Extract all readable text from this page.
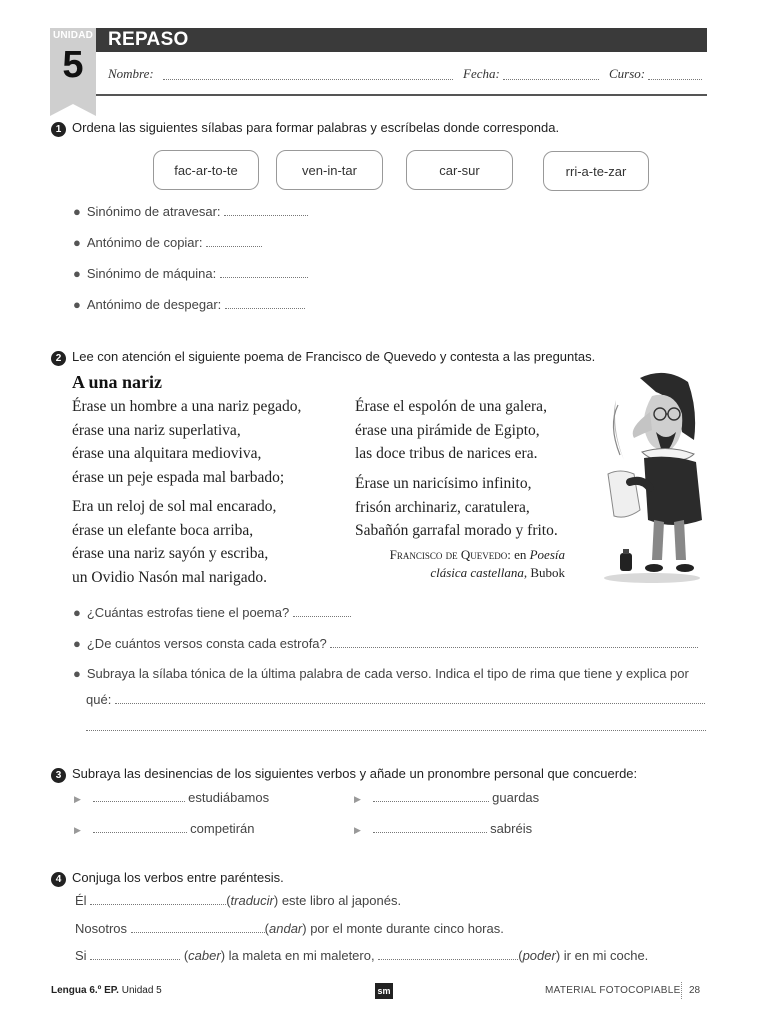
UNIDAD
5
REPASO
Nombre:	Fecha:	Curso:
1 Ordena las siguientes sílabas para formar palabras y escríbelas donde corresponda.
fac-ar-to-te	ven-in-tar	car-sur	rri-a-te-zar
● Sinónimo de atravesar:
● Antónimo de copiar:
● Sinónimo de máquina:
● Antónimo de despegar:
2 Lee con atención el siguiente poema de Francisco de Quevedo y contesta a las preguntas.
A una nariz
Érase un hombre a una nariz pegado,
érase una nariz superlativa,
érase una alquitara medioviva,
érase un peje espada mal barbado;
Era un reloj de sol mal encarado,
érase un elefante boca arriba,
érase una nariz sayón y escriba,
un Ovidio Nasón mal narigado.
Érase el espolón de una galera,
érase una pirámide de Egipto,
las doce tribus de narices era.
Érase un naricísimo infinito,
frisón archinariz, caratulera,
Sabañón garrafal morado y frito.
Francisco de Quevedo: en Poesía
clásica castellana, Bubok
● ¿Cuántas estrofas tiene el poema?
● ¿De cuántos versos consta cada estrofa?
● Subraya la sílaba tónica de la última palabra de cada verso. Indica el tipo de rima que tiene y explica por
qué:
3 Subraya las desinencias de los siguientes verbos y añade un pronombre personal que concuerde:
▶	estudiábamos	▶	guardas
▶	competirán	▶	sabréis
4 Conjuga los verbos entre paréntesis.
Él	(traducir) este libro al japonés.
Nosotros	(andar) por el monte durante cinco horas.
Si	(caber) la maleta en mi maletero,	(poder) ir en mi coche.
Lengua 6.º EP. Unidad 5	sm	MATERIAL FOTOCOPIABLE 28
